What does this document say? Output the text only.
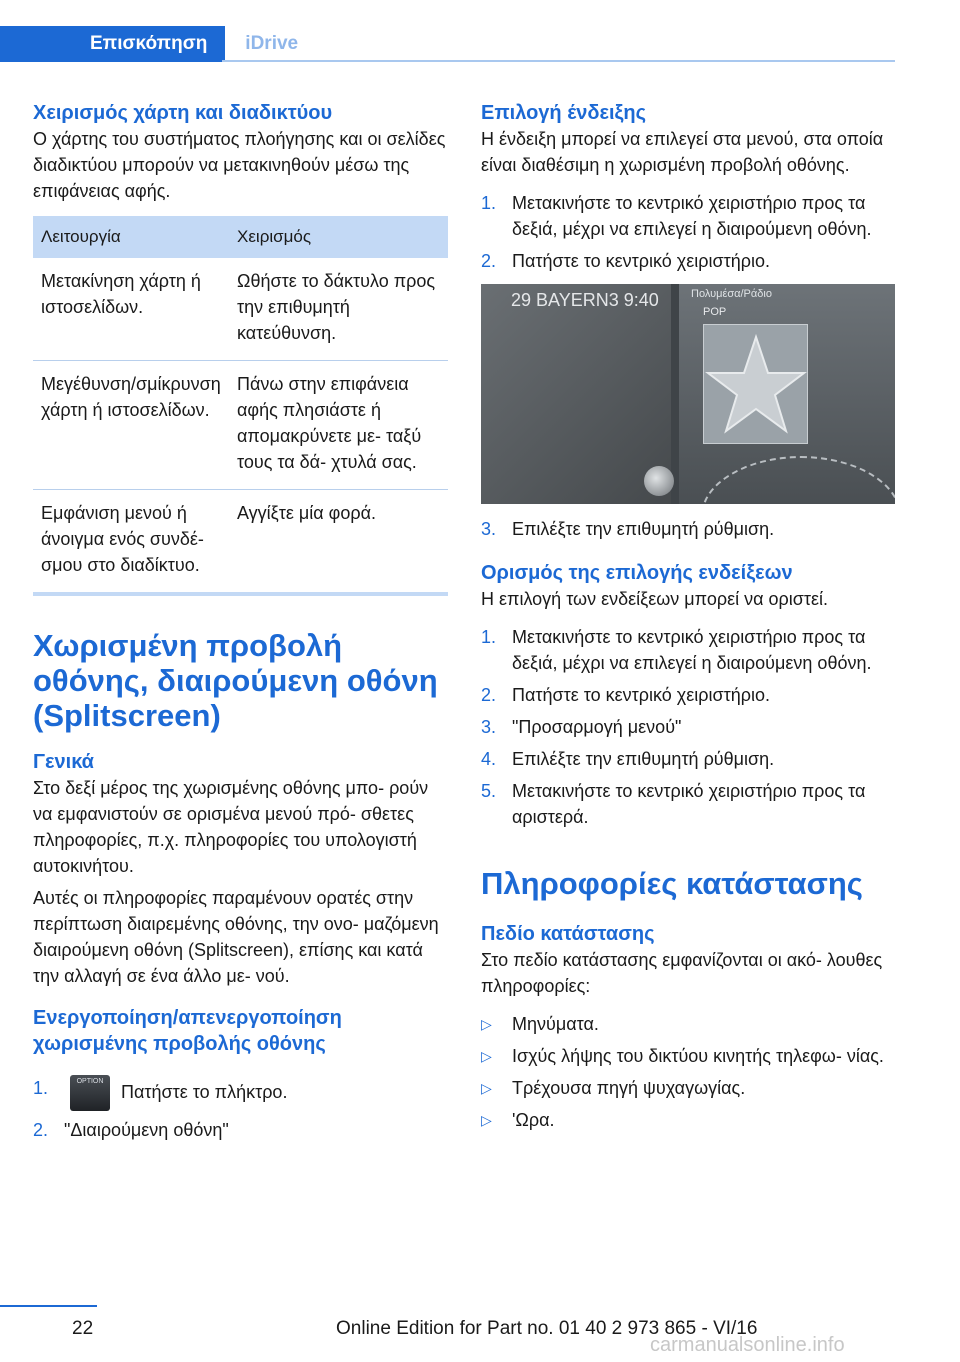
Επισκόπηση	iDrive
Χειρισμός χάρτη και διαδικτύου

Ο χάρτης του συστήματος πλοήγησης και οι σελίδες διαδικτύου μπορούν να μετακινηθούν μέσω της επιφάνειας αφής.

Λειτουργία	Χειρισμός
Μετακίνηση χάρτη ή ιστοσελίδων.	Ωθήστε το δάκτυλο προς την επιθυμητή κατεύθυνση.
Μεγέθυνση/σμίκρυνση χάρτη ή ιστοσελίδων.	Πάνω στην επιφάνεια αφής πλησιάστε ή απομακρύνετε με- ταξύ τους τα δά- χτυλά σας.
Εμφάνιση μενού ή άνοιγμα ενός συνδέ- σμου στο διαδίκτυο.	Αγγίξτε μία φορά.
Χωρισμένη προβολή οθόνης, διαιρούμενη οθόνη (Splitscreen)
Γενικά

Στο δεξί μέρος της χωρισμένης οθόνης μπο- ρούν να εμφανιστούν σε ορισμένα μενού πρό- σθετες πληροφορίες, π.χ. πληροφορίες του υπολογιστή αυτοκινήτου.

Αυτές οι πληροφορίες παραμένουν ορατές στην περίπτωση διαιρεμένης οθόνης, την ονο- μαζόμενη διαιρούμενη οθόνη (Splitscreen), επίσης και κατά την αλλαγή σε ένα άλλο με- νού.

Ενεργοποίηση/απενεργοποίηση χωρισμένης προβολής οθόνης
1.	OPTION Πατήστε το πλήκτρο.
2. "Διαιρούμενη οθόνη"
Επιλογή ένδειξης

Η ένδειξη μπορεί να επιλεγεί στα μενού, στα οποία είναι διαθέσιμη η χωρισμένη προβολή οθόνης.

1. Μετακινήστε το κεντρικό χειριστήριο προς τα δεξιά, μέχρι να επιλεγεί η διαιρούμενη οθόνη.
2. Πατήστε το κεντρικό χειριστήριο.
29 BAYERN3 9:40	Πολυμέσα/Ράδιο
POP
3. Επιλέξτε την επιθυμητή ρύθμιση.
Ορισμός της επιλογής ενδείξεων

Η επιλογή των ενδείξεων μπορεί να οριστεί.

1. Μετακινήστε το κεντρικό χειριστήριο προς τα δεξιά, μέχρι να επιλεγεί η διαιρούμενη οθόνη.
2. Πατήστε το κεντρικό χειριστήριο.
3. "Προσαρμογή μενού"
4. Επιλέξτε την επιθυμητή ρύθμιση.
5. Μετακινήστε το κεντρικό χειριστήριο προς τα αριστερά.
Πληροφορίες κατάστασης
Πεδίο κατάστασης

Στο πεδίο κατάστασης εμφανίζονται οι ακό- λουθες πληροφορίες:

▷	Μηνύματα.
▷	Ισχύς λήψης του δικτύου κινητής τηλεφω- νίας.
▷	Τρέχουσα πηγή ψυχαγωγίας.
▷	'Ωρα.
22	Online Edition for Part no. 01 40 2 973 865 - VI/16
carmanualsonline.info
